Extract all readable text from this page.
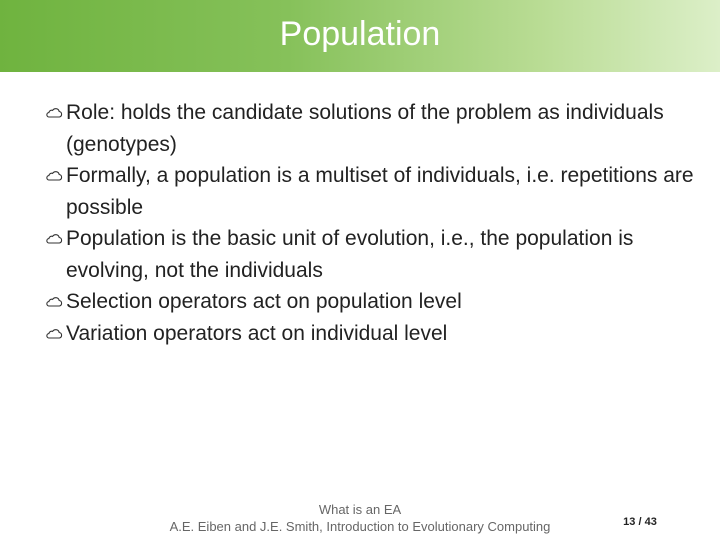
Population
Role: holds the candidate solutions of the problem as individuals (genotypes)
Formally, a population is a multiset of individuals, i.e. repetitions are possible
Population is the basic unit of evolution, i.e., the population is evolving, not the individuals
Selection operators act on population level
Variation operators act on individual level
What is an EA
A.E. Eiben and J.E. Smith, Introduction to Evolutionary Computing	13 / 43
